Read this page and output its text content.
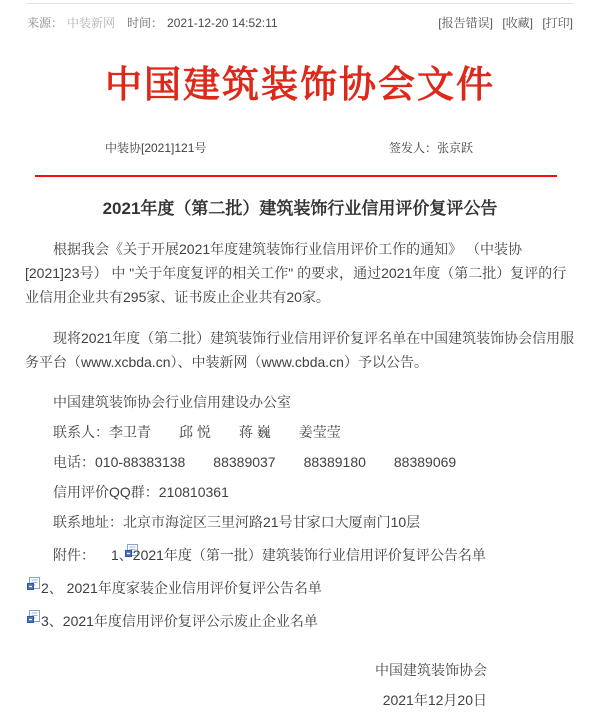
来源： 中装新网 时间： 2021-12-20 14:52:11	[报告错误] [收藏] [打印]
中国建筑装饰协会文件
中装协[2021]121号	签发人：张京跃
2021年度（第二批）建筑装饰行业信用评价复评公告

根据我会《关于开展2021年度建筑装饰行业信用评价工作的通知》 （中装协[2021]23号） 中 "关于年度复评的相关工作" 的要求，通过2021年度（第二批）复评的行业信用企业共有295家、证书废止企业共有20家。

现将2021年度（第二批）建筑装饰行业信用评价复评名单在中国建筑装饰协会信用服务平台（www.xcbda.cn）、中装新网（www.cbda.cn）予以公告。

中国建筑装饰协会行业信用建设办公室

联系人：李卫青　　邱 悦　　蒋 巍　　姜莹莹

电话：010-88383138　　88389037　　88389180　　88389069

信用评价QQ群：210810361

联系地址：北京市海淀区三里河路21号甘家口大厦南门10层

附件： 1、2021年度（第一批）建筑装饰行业信用评价复评公告名单

2、 2021年度家装企业信用评价复评公告名单

3、2021年度信用评价复评公示废止企业名单

中国建筑装饰协会

2021年12月20日
